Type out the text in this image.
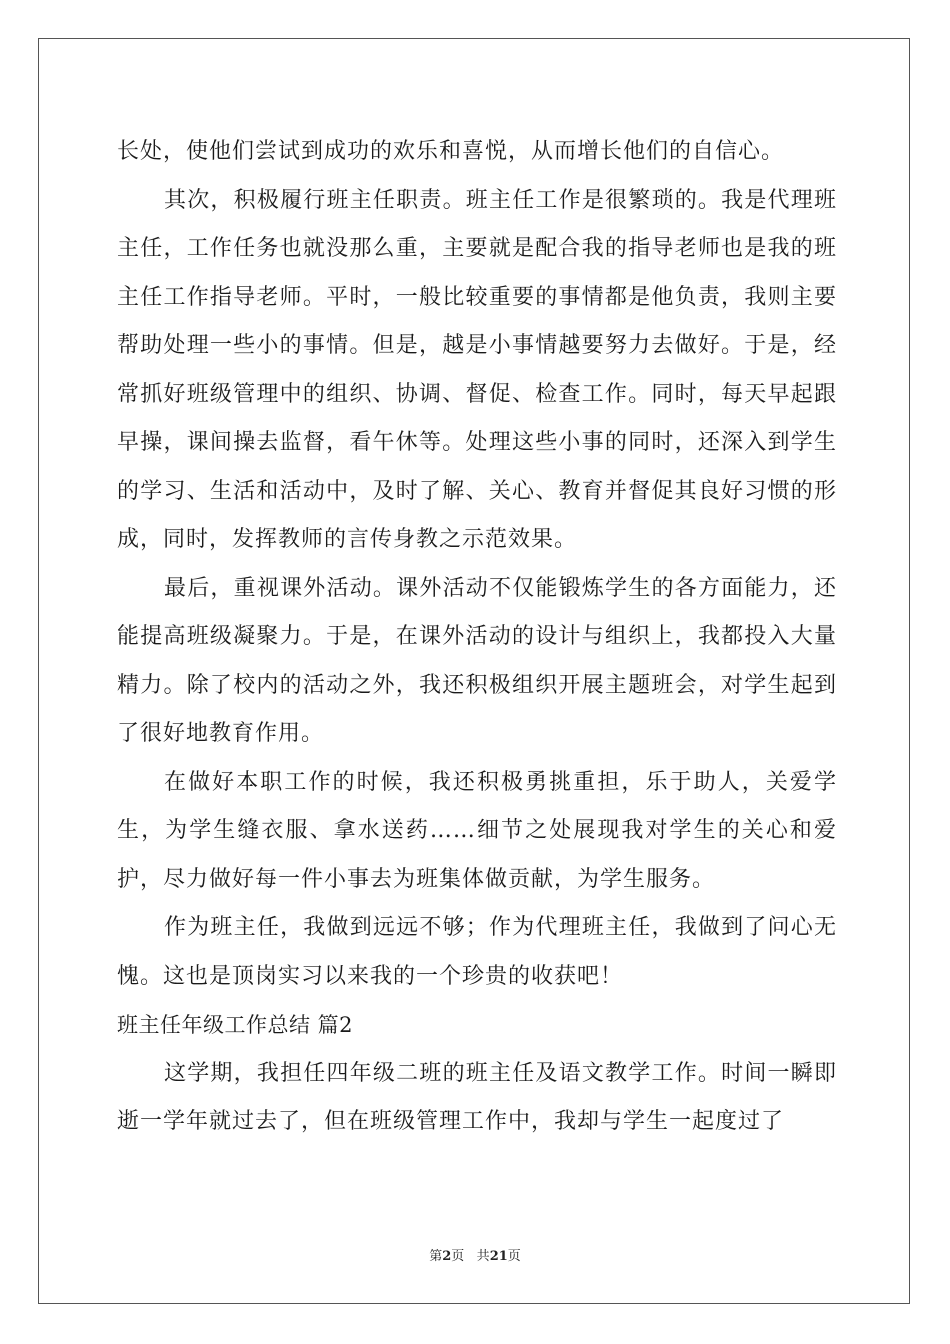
长处，使他们尝试到成功的欢乐和喜悦，从而增长他们的自信心。

其次，积极履行班主任职责。班主任工作是很繁琐的。我是代理班主任，工作任务也就没那么重，主要就是配合我的指导老师也是我的班主任工作指导老师。平时，一般比较重要的事情都是他负责，我则主要帮助处理一些小的事情。但是，越是小事情越要努力去做好。于是，经常抓好班级管理中的组织、协调、督促、检查工作。同时，每天早起跟早操，课间操去监督，看午休等。处理这些小事的同时，还深入到学生的学习、生活和活动中，及时了解、关心、教育并督促其良好习惯的形成，同时，发挥教师的言传身教之示范效果。

最后，重视课外活动。课外活动不仅能锻炼学生的各方面能力，还能提高班级凝聚力。于是，在课外活动的设计与组织上，我都投入大量精力。除了校内的活动之外，我还积极组织开展主题班会，对学生起到了很好地教育作用。

在做好本职工作的时候，我还积极勇挑重担，乐于助人，关爱学生，为学生缝衣服、拿水送药……细节之处展现我对学生的关心和爱护，尽力做好每一件小事去为班集体做贡献，为学生服务。

作为班主任，我做到远远不够；作为代理班主任，我做到了问心无愧。这也是顶岗实习以来我的一个珍贵的收获吧！

班主任年级工作总结 篇2

这学期，我担任四年级二班的班主任及语文教学工作。时间一瞬即逝一学年就过去了，但在班级管理工作中，我却与学生一起度过了

第2页 共21页
